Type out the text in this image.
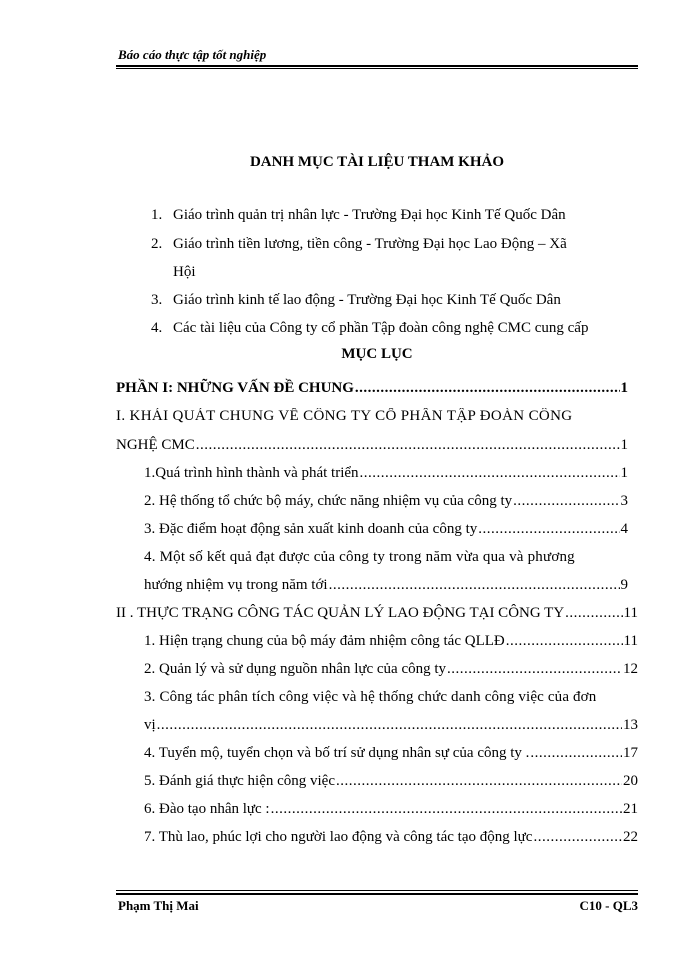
Báo cáo thực tập tốt nghiệp
DANH MỤC TÀI LIỆU THAM KHẢO
1. Giáo trình quản trị nhân lực - Trường Đại học Kinh Tế Quốc Dân
2. Giáo trình tiền lương, tiền công - Trường Đại học Lao Động – Xã
Hội
3. Giáo trình kinh tế lao động - Trường Đại học Kinh Tế Quốc Dân
4. Các tài liệu của Công ty cổ phần Tập đoàn công nghệ CMC cung cấp
MỤC LỤC
PHẦN I: NHỮNG VẤN ĐỀ CHUNG .....	1
I. KHÁI QUÁT CHUNG VỀ CÔNG TY CỔ PHẦN TẬP ĐOÀN CÔNG
NGHỆ CMC .....	1
1.Quá trình hình thành và phát triển .....	1
2. Hệ thống tổ chức bộ máy, chức năng nhiệm vụ của công ty .....	3
3. Đặc điểm hoạt động sản xuất kinh doanh của công ty .....	4
4. Một số kết quả đạt được của công ty trong năm vừa qua và phương
hướng nhiệm vụ trong năm tới .....	9
II . THỰC TRẠNG CÔNG TÁC QUẢN LÝ LAO ĐỘNG TẠI CÔNG TY .....	11
1. Hiện trạng chung của bộ máy đảm nhiệm công tác QLLĐ .....	11
2. Quản lý và sử dụng nguồn nhân lực của công ty .....	12
3. Công tác phân tích công việc và hệ thống chức danh công việc của đơn
vị .....	13
4. Tuyển mộ, tuyển chọn và bố trí sử dụng nhân sự của công ty . .....	17
5. Đánh giá thực hiện công việc .....	20
6. Đào tạo nhân lực : .....	21
7. Thù lao, phúc lợi cho người lao động và công tác tạo động lực .....	22
Phạm Thị Mai	C10 - QL3
